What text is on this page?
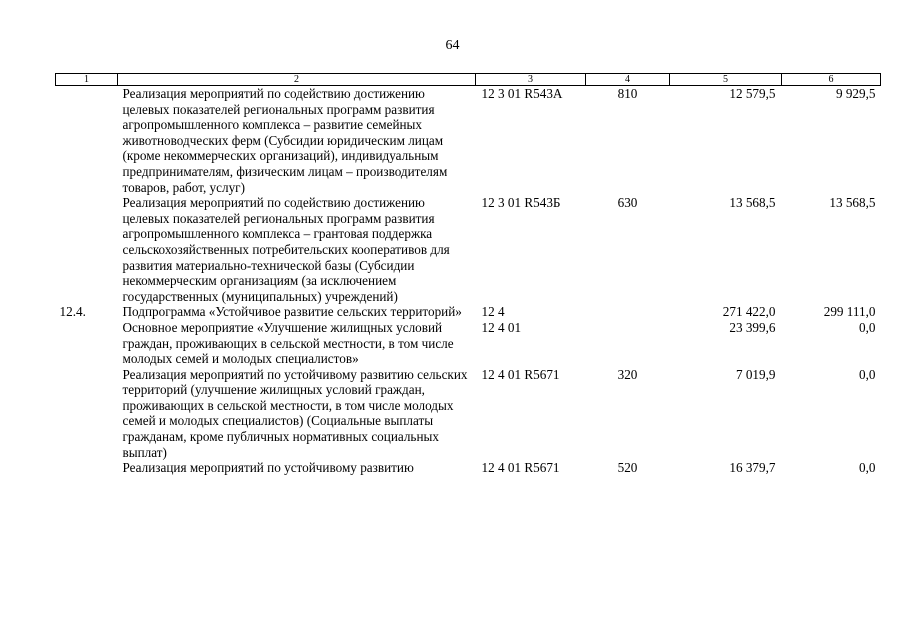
64
1	2	3	4	5	6
	Реализация мероприятий по содействию достижению целевых показателей региональных программ развития агропромышленного комплекса – развитие семейных животноводческих ферм (Субсидии юридическим лицам (кроме некоммерческих организаций), индивидуальным предпринимателям, физическим лицам – производителям товаров, работ, услуг)	12 3 01 R543А	810	12 579,5	9 929,5
	Реализация мероприятий по содействию достижению целевых показателей региональных программ развития агропромышленного комплекса – грантовая поддержка сельскохозяйственных потребительских кооперативов для развития материально-технической базы (Субсидии некоммерческим организациям (за исключением государственных (муниципальных) учреждений)	12 3 01 R543Б	630	13 568,5	13 568,5
12.4.	Подпрограмма «Устойчивое развитие сельских территорий»	12 4		271 422,0	299 111,0
	Основное мероприятие «Улучшение жилищных условий граждан, проживающих в сельской местности, в том числе молодых семей и молодых специалистов»	12 4 01		23 399,6	0,0
	Реализация мероприятий по устойчивому развитию сельских территорий (улучшение жилищных условий граждан, проживающих в сельской местности, в том числе молодых семей и молодых специалистов) (Социальные выплаты гражданам, кроме публичных нормативных социальных выплат)	12 4 01 R5671	320	7 019,9	0,0
	Реализация мероприятий по устойчивому развитию	12 4 01 R5671	520	16 379,7	0,0
